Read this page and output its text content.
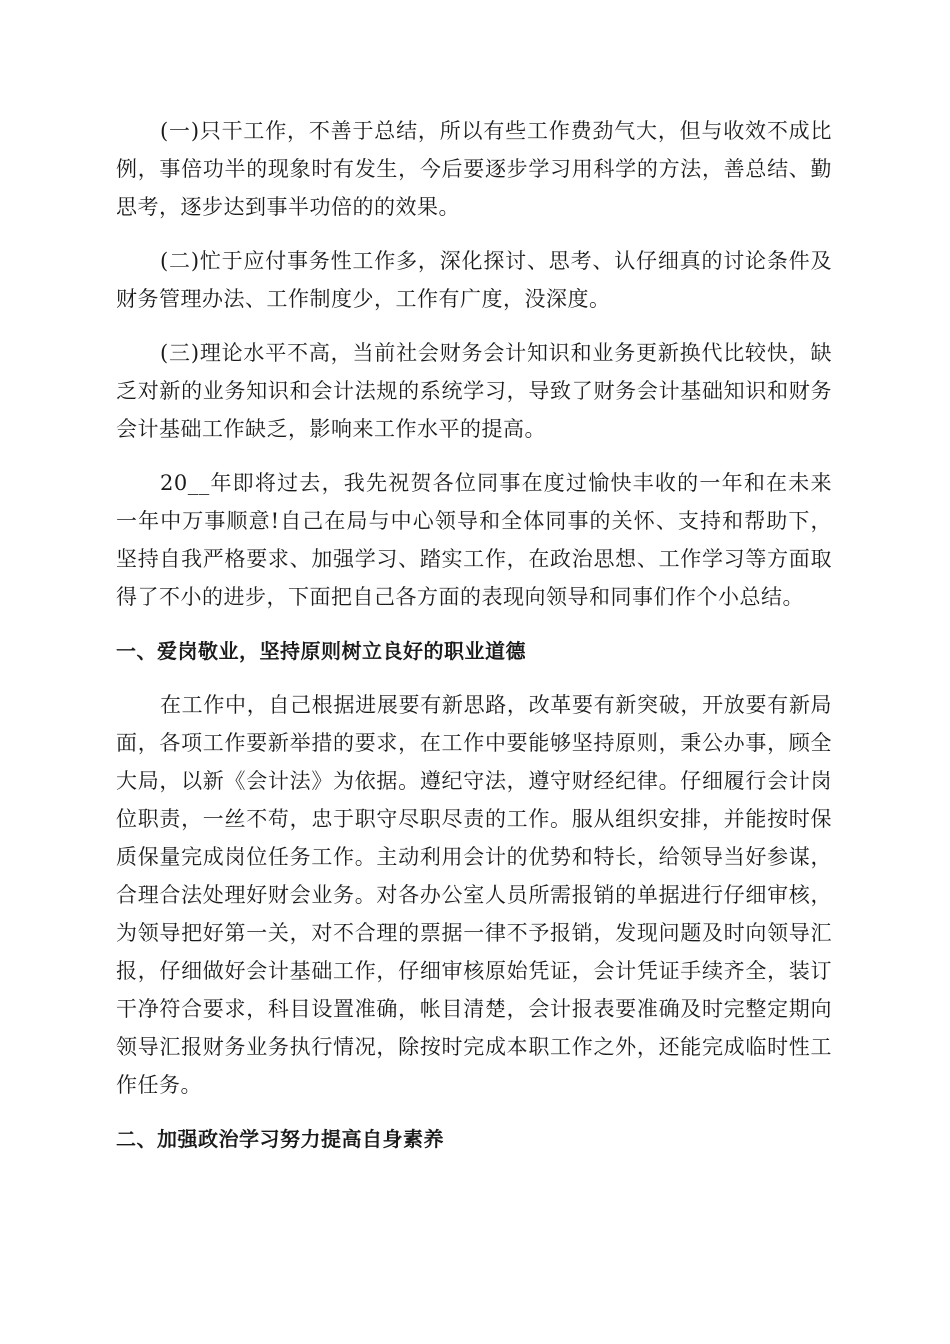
(一)只干工作，不善于总结，所以有些工作费劲气大，但与收效不成比例，事倍功半的现象时有发生，今后要逐步学习用科学的方法，善总结、勤思考，逐步达到事半功倍的的效果。

(二)忙于应付事务性工作多，深化探讨、思考、认仔细真的讨论条件及财务管理办法、工作制度少，工作有广度，没深度。

(三)理论水平不高，当前社会财务会计知识和业务更新换代比较快，缺乏对新的业务知识和会计法规的系统学习，导致了财务会计基础知识和财务会计基础工作缺乏，影响来工作水平的提高。

20__年即将过去，我先祝贺各位同事在度过愉快丰收的一年和在未来一年中万事顺意!自己在局与中心领导和全体同事的关怀、支持和帮助下，坚持自我严格要求、加强学习、踏实工作，在政治思想、工作学习等方面取得了不小的进步，下面把自己各方面的表现向领导和同事们作个小总结。

一、爱岗敬业，坚持原则树立良好的职业道德

在工作中，自己根据进展要有新思路，改革要有新突破，开放要有新局面，各项工作要新举措的要求，在工作中要能够坚持原则，秉公办事，顾全大局，以新《会计法》为依据。遵纪守法，遵守财经纪律。仔细履行会计岗位职责，一丝不苟，忠于职守尽职尽责的工作。服从组织安排，并能按时保质保量完成岗位任务工作。主动利用会计的优势和特长，给领导当好参谋，合理合法处理好财会业务。对各办公室人员所需报销的单据进行仔细审核，为领导把好第一关，对不合理的票据一律不予报销，发现问题及时向领导汇报，仔细做好会计基础工作，仔细审核原始凭证，会计凭证手续齐全，装订干净符合要求，科目设置准确，帐目清楚，会计报表要准确及时完整定期向领导汇报财务业务执行情况，除按时完成本职工作之外，还能完成临时性工作任务。

二、加强政治学习努力提高自身素养
